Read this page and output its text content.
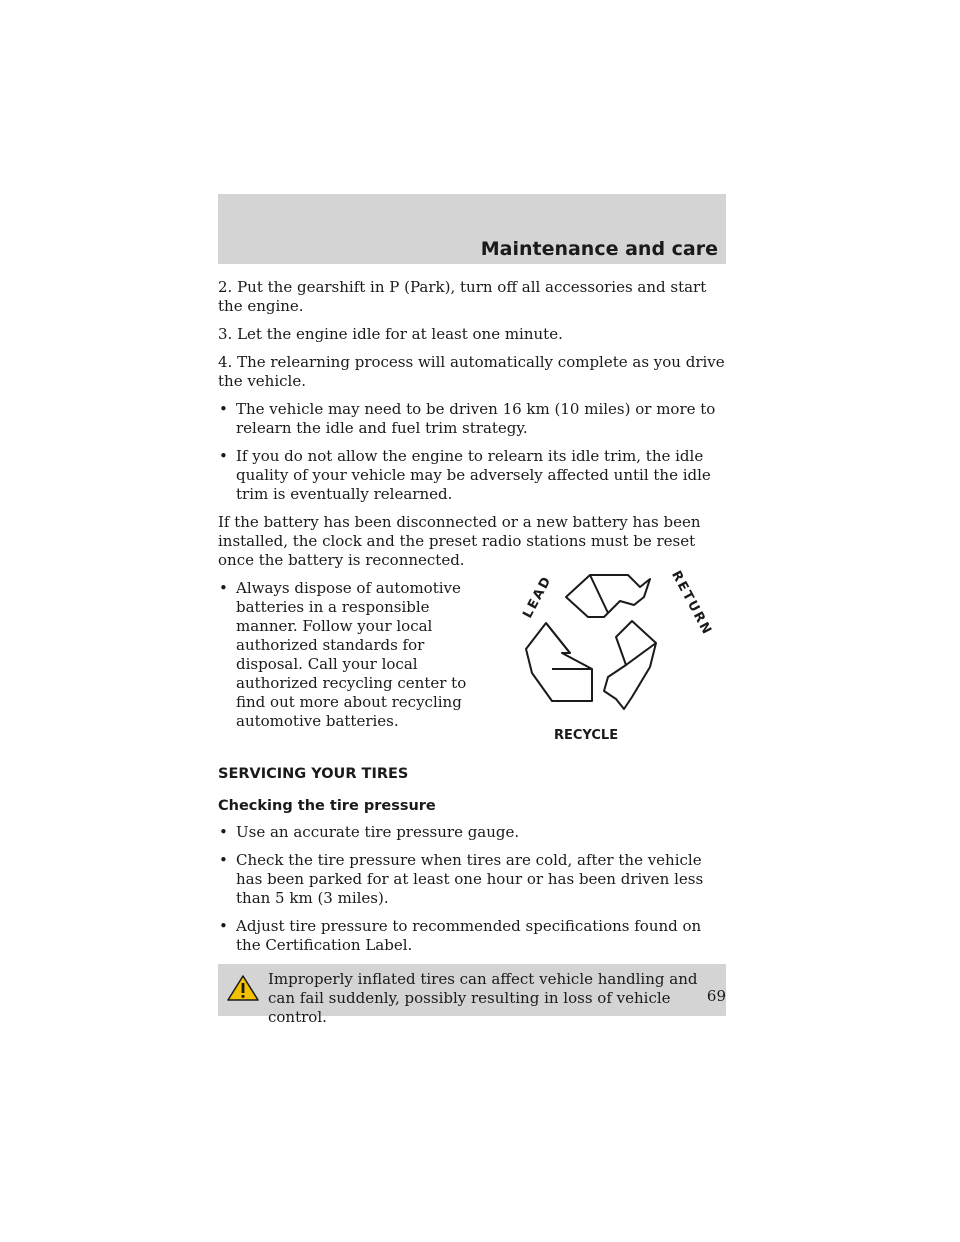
Maintenance and care

2. Put the gearshift in P (Park), turn off all accessories and start the engine.

3. Let the engine idle for at least one minute.

4. The relearning process will automatically complete as you drive the vehicle.

• The vehicle may need to be driven 16 km (10 miles) or more to relearn the idle and fuel trim strategy.
• If you do not allow the engine to relearn its idle trim, the idle quality of your vehicle may be adversely affected until the idle trim is eventually relearned.

If the battery has been disconnected or a new battery has been installed, the clock and the preset radio stations must be reset once the battery is reconnected.

• Always dispose of automotive batteries in a responsible manner. Follow your local authorized standards for disposal. Call your local authorized recycling center to find out more about recycling automotive batteries.
LEAD	RETURN
RECYCLE
SERVICING YOUR TIRES
Checking the tire pressure
• Use an accurate tire pressure gauge.
• Check the tire pressure when tires are cold, after the vehicle has been parked for at least one hour or has been driven less than 5 km (3 miles).
• Adjust tire pressure to recommended specifications found on the Certification Label.
Improperly inflated tires can affect vehicle handling and can fail suddenly, possibly resulting in loss of vehicle control.
69
